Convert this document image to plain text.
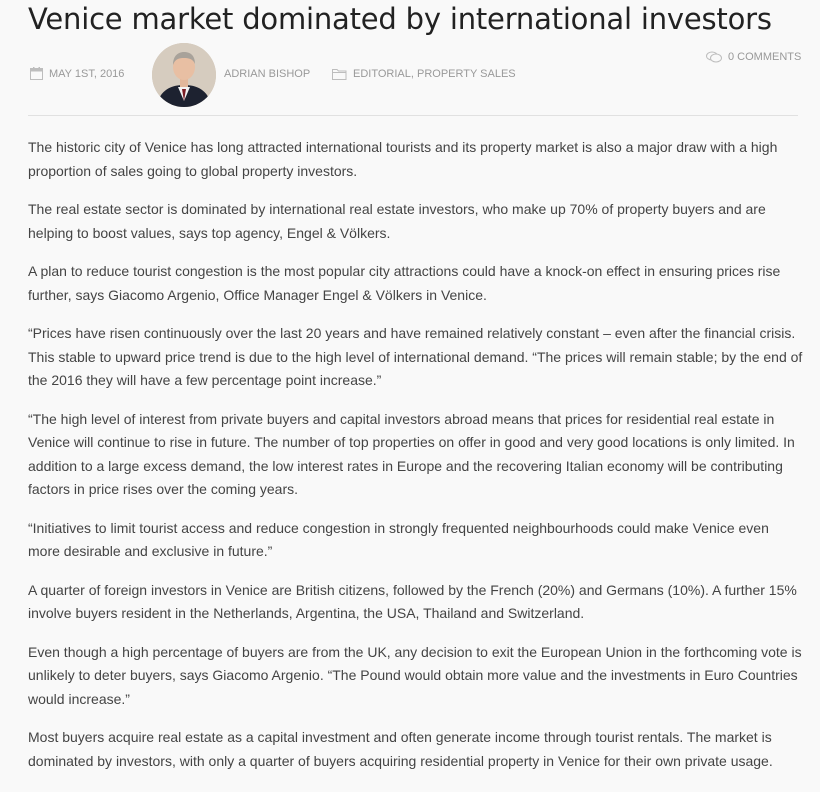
Venice market dominated by international investors
MAY 1ST, 2016	ADRIAN BISHOP	EDITORIAL, PROPERTY SALES
0 COMMENTS

The historic city of Venice has long attracted international tourists and its property market is also a major draw with a high proportion of sales going to global property investors.

The real estate sector is dominated by international real estate investors, who make up 70% of property buyers and are helping to boost values, says top agency, Engel & Völkers.

A plan to reduce tourist congestion is the most popular city attractions could have a knock-on effect in ensuring prices rise further, says Giacomo Argenio, Office Manager Engel & Völkers in Venice.

“Prices have risen continuously over the last 20 years and have remained relatively constant – even after the financial crisis. This stable to upward price trend is due to the high level of international demand. “The prices will remain stable; by the end of the 2016 they will have a few percentage point increase.”

“The high level of interest from private buyers and capital investors abroad means that prices for residential real estate in Venice will continue to rise in future. The number of top properties on offer in good and very good locations is only limited. In addition to a large excess demand, the low interest rates in Europe and the recovering Italian economy will be contributing factors in price rises over the coming years.

“Initiatives to limit tourist access and reduce congestion in strongly frequented neighbourhoods could make Venice even more desirable and exclusive in future.”

A quarter of foreign investors in Venice are British citizens, followed by the French (20%) and Germans (10%). A further 15% involve buyers resident in the Netherlands, Argentina, the USA, Thailand and Switzerland.

Even though a high percentage of buyers are from the UK, any decision to exit the European Union in the forthcoming vote is unlikely to deter buyers, says Giacomo Argenio. “The Pound would obtain more value and the investments in Euro Countries would increase.”

Most buyers acquire real estate as a capital investment and often generate income through tourist rentals. The market is dominated by investors, with only a quarter of buyers acquiring residential property in Venice for their own private usage.
